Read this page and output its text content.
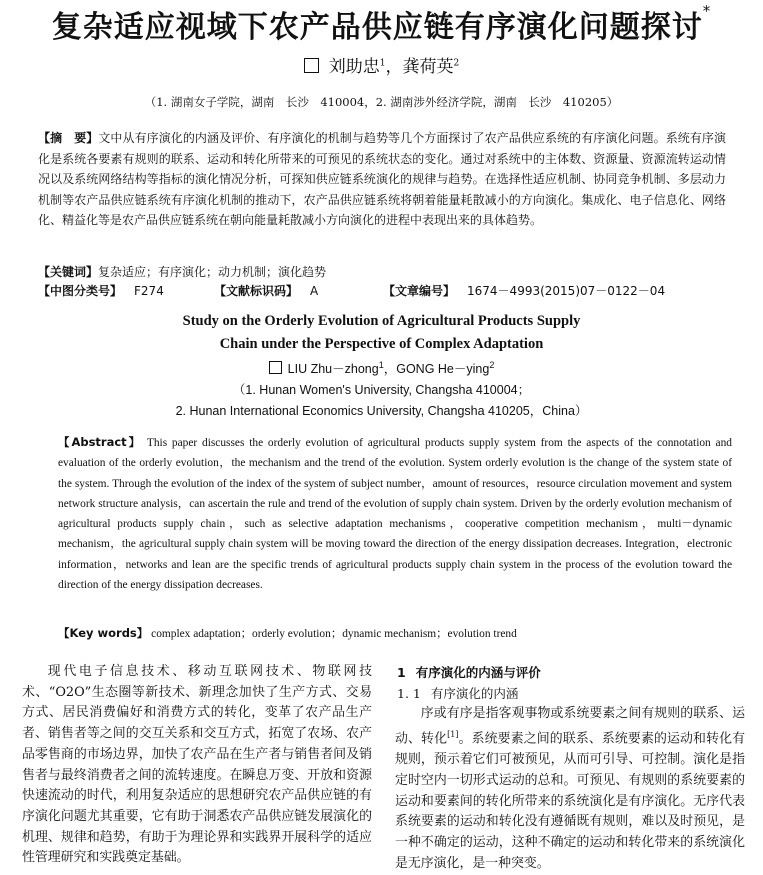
复杂适应视域下农产品供应链有序演化问题探讨*
刘助忠$^1$，龚荷英$^2$
（1. 湖南女子学院，湖南　长沙　410004，2. 湖南涉外经济学院，湖南　长沙　410205）
【摘　要】文中从有序演化的内涵及评价、有序演化的机制与趋势等几个方面探讨了农产品供应系统的有序演化问题。系统有序演化是系统各要素有规则的联系、运动和转化所带来的可预见的系统状态的变化。通过对系统中的主体数、资源量、资源流转运动情况以及系统网络结构等指标的演化情况分析，可探知供应链系统演化的规律与趋势。在选择性适应机制、协同竞争机制、多层动力机制等农产品供应链系统有序演化机制的推动下，农产品供应链系统将朝着能量耗散减小的方向演化。集成化、电子信息化、网络化、精益化等是农产品供应链系统在朝向能量耗散减小方向演化的进程中表现出来的具体趋势。
【关键词】复杂适应；有序演化；动力机制；演化趋势
【中图分类号】  F274	【文献标识码】  A	【文章编号】  1674－4993(2015)07－0122－04
Study on the Orderly Evolution of Agricultural Products Supply
Chain under the Perspective of Complex Adaptation
LIU Zhu－zhong$^1$，GONG He－ying$^2$
（1. Hunan Women's University, Changsha 410004；
2. Hunan International Economics University, Changsha 410205，China）
【Abstract】 This paper discusses the orderly evolution of agricultural products supply system from the aspects of the connotation and evaluation of the orderly evolution，the mechanism and the trend of the evolution. System orderly evolution is the change of the system state of the system. Through the evolution of the index of the system of subject number，amount of resources，resource circulation movement and system network structure analysis，can ascertain the rule and trend of the evolution of supply chain system. Driven by the orderly evolution mechanism of agricultural products supply chain，such as selective adaptation mechanisms，cooperative competition mechanism，multi－dynamic mechanism，the agricultural supply chain system will be moving toward the direction of the energy dissipation decreases. Integration，electronic information，networks and lean are the specific trends of agricultural products supply chain system in the process of the evolution toward the direction of the energy dissipation decreases.
【Key words】 complex adaptation；orderly evolution；dynamic mechanism；evolution trend

现代电子信息技术、移动互联网技术、物联网技术、“O2O”生态圈等新技术、新理念加快了生产方式、交易方式、居民消费偏好和消费方式的转化，变革了农产品生产者、销售者等之间的交互关系和交互方式，拓宽了农场、农产品零售商的市场边界，加快了农产品在生产者与销售者间及销售者与最终消费者之间的流转速度。在瞬息万变、开放和资源快速流动的时代，利用复杂适应的思想研究农产品供应链的有序演化问题尤其重要，它有助于洞悉农产品供应链发展演化的机理、规律和趋势，有助于为理论界和实践界开展科学的适应性管理研究和实践奠定基础。

1 有序演化的内涵与评价
1. 1 有序演化的内涵

序或有序是指客观事物或系统要素之间有规则的联系、运动、转化[1]。系统要素之间的联系、系统要素的运动和转化有规则，预示着它们可被预见，从而可引导、可控制。演化是指定时空内一切形式运动的总和。可预见、有规则的系统要素的运动和要素间的转化所带来的系统演化是有序演化。无序代表系统要素的运动和转化没有遵循既有规则，难以及时预见，是一种不确定的运动，这种不确定的运动和转化带来的系统演化是无序演化，是一种突变。
